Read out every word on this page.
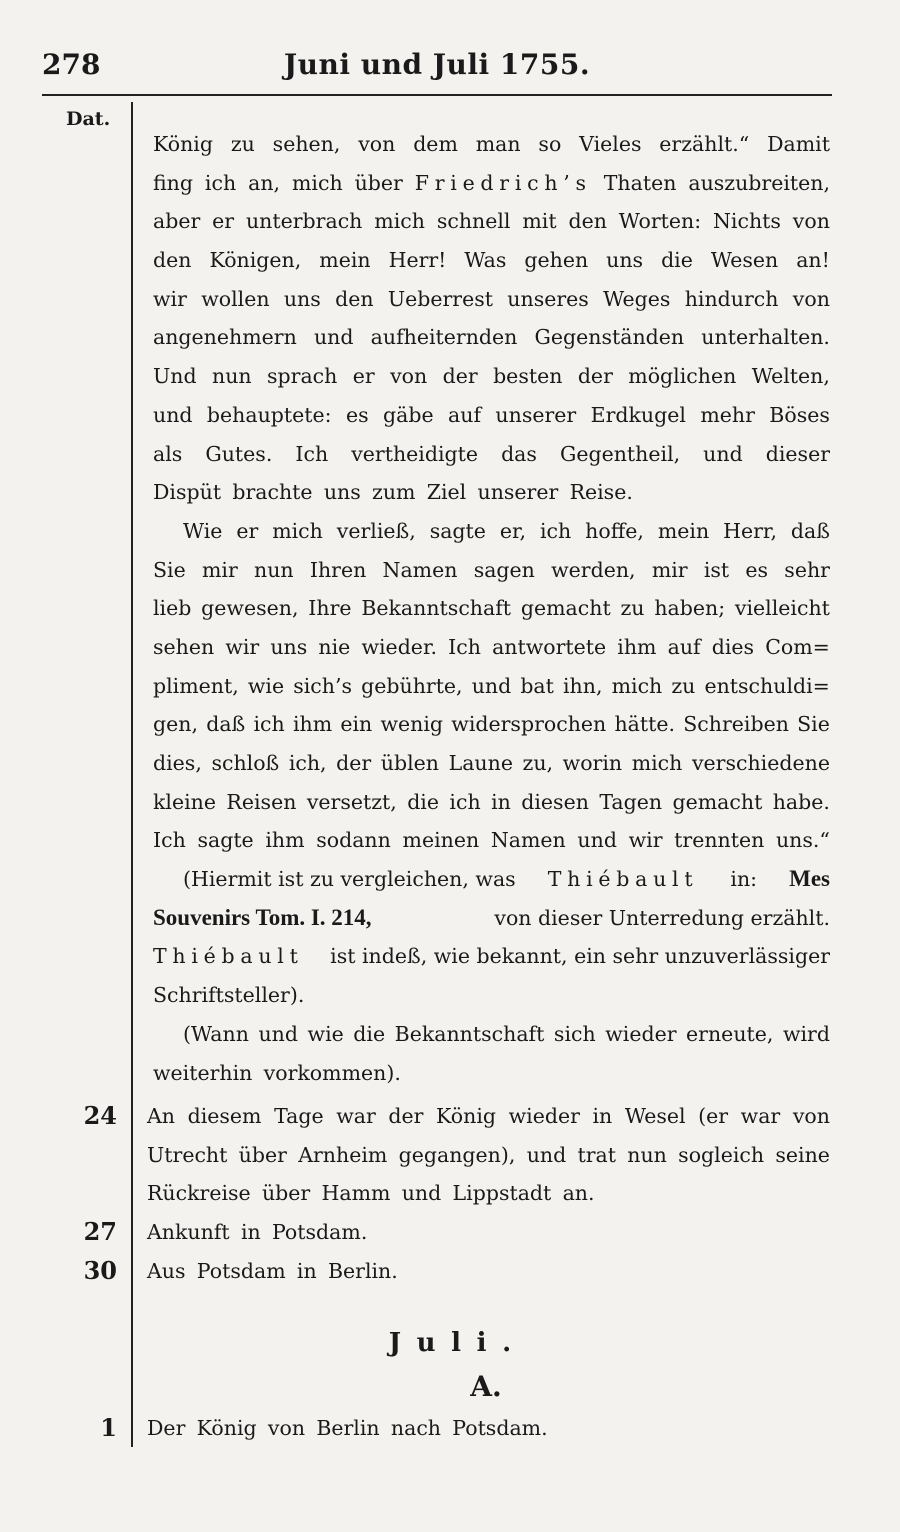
Juni und Juli 1755.
278
Dat.
König zu sehen, von dem man so Vieles erzählt.“ Damit
fing ich an, mich über Friedrich’s Thaten auszubreiten,
aber er unterbrach mich schnell mit den Worten: Nichts von
den Königen, mein Herr! Was gehen uns die Wesen an!
wir wollen uns den Ueberrest unseres Weges hindurch von
angenehmern und aufheiternden Gegenständen unterhalten.
Und nun sprach er von der besten der möglichen Welten,
und behauptete: es gäbe auf unserer Erdkugel mehr Böses
als Gutes. Ich vertheidigte das Gegentheil, und dieser
Dispüt brachte uns zum Ziel unserer Reise.
Wie er mich verließ, sagte er, ich hoffe, mein Herr, daß
Sie mir nun Ihren Namen sagen werden, mir ist es sehr
lieb gewesen, Ihre Bekanntschaft gemacht zu haben; vielleicht
sehen wir uns nie wieder. Ich antwortete ihm auf dies Com=
pliment, wie sich’s gebührte, und bat ihn, mich zu entschuldi=
gen, daß ich ihm ein wenig widersprochen hätte. Schreiben Sie
dies, schloß ich, der üblen Laune zu, worin mich verschiedene
kleine Reisen versetzt, die ich in diesen Tagen gemacht habe.
Ich sagte ihm sodann meinen Namen und wir trennten uns.“
(Hiermit ist zu vergleichen, was Thiébault in: Mes
Souvenirs Tom. I. 214,	von dieser Unterredung erzählt.
Thiébault ist indeß, wie bekannt, ein sehr unzuverlässiger
Schriftsteller).
(Wann und wie die Bekanntschaft sich wieder erneute, wird
weiterhin vorkommen).
24 An diesem Tage war der König wieder in Wesel (er war von
Utrecht über Arnheim gegangen), und trat nun sogleich seine
Rückreise über Hamm und Lippstadt an.
27 Ankunft in Potsdam.
30 Aus Potsdam in Berlin.
Juli.
A.
1 Der König von Berlin nach Potsdam.
